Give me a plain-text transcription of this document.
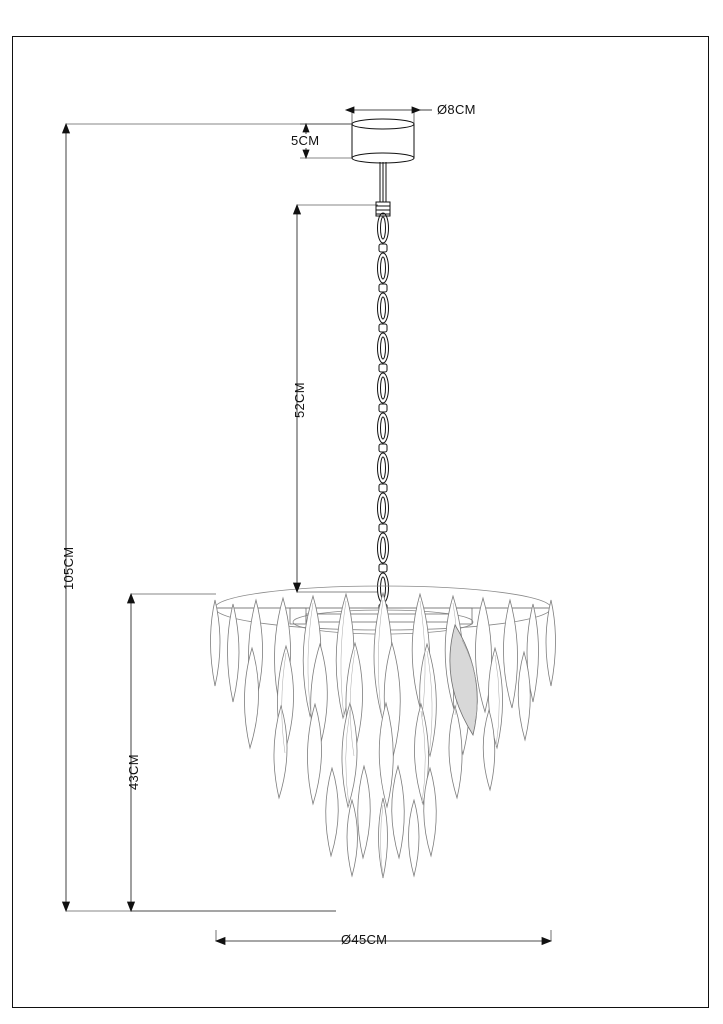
Ø8CM
5CM
52CM
105CM
43CM
Ø45CM
